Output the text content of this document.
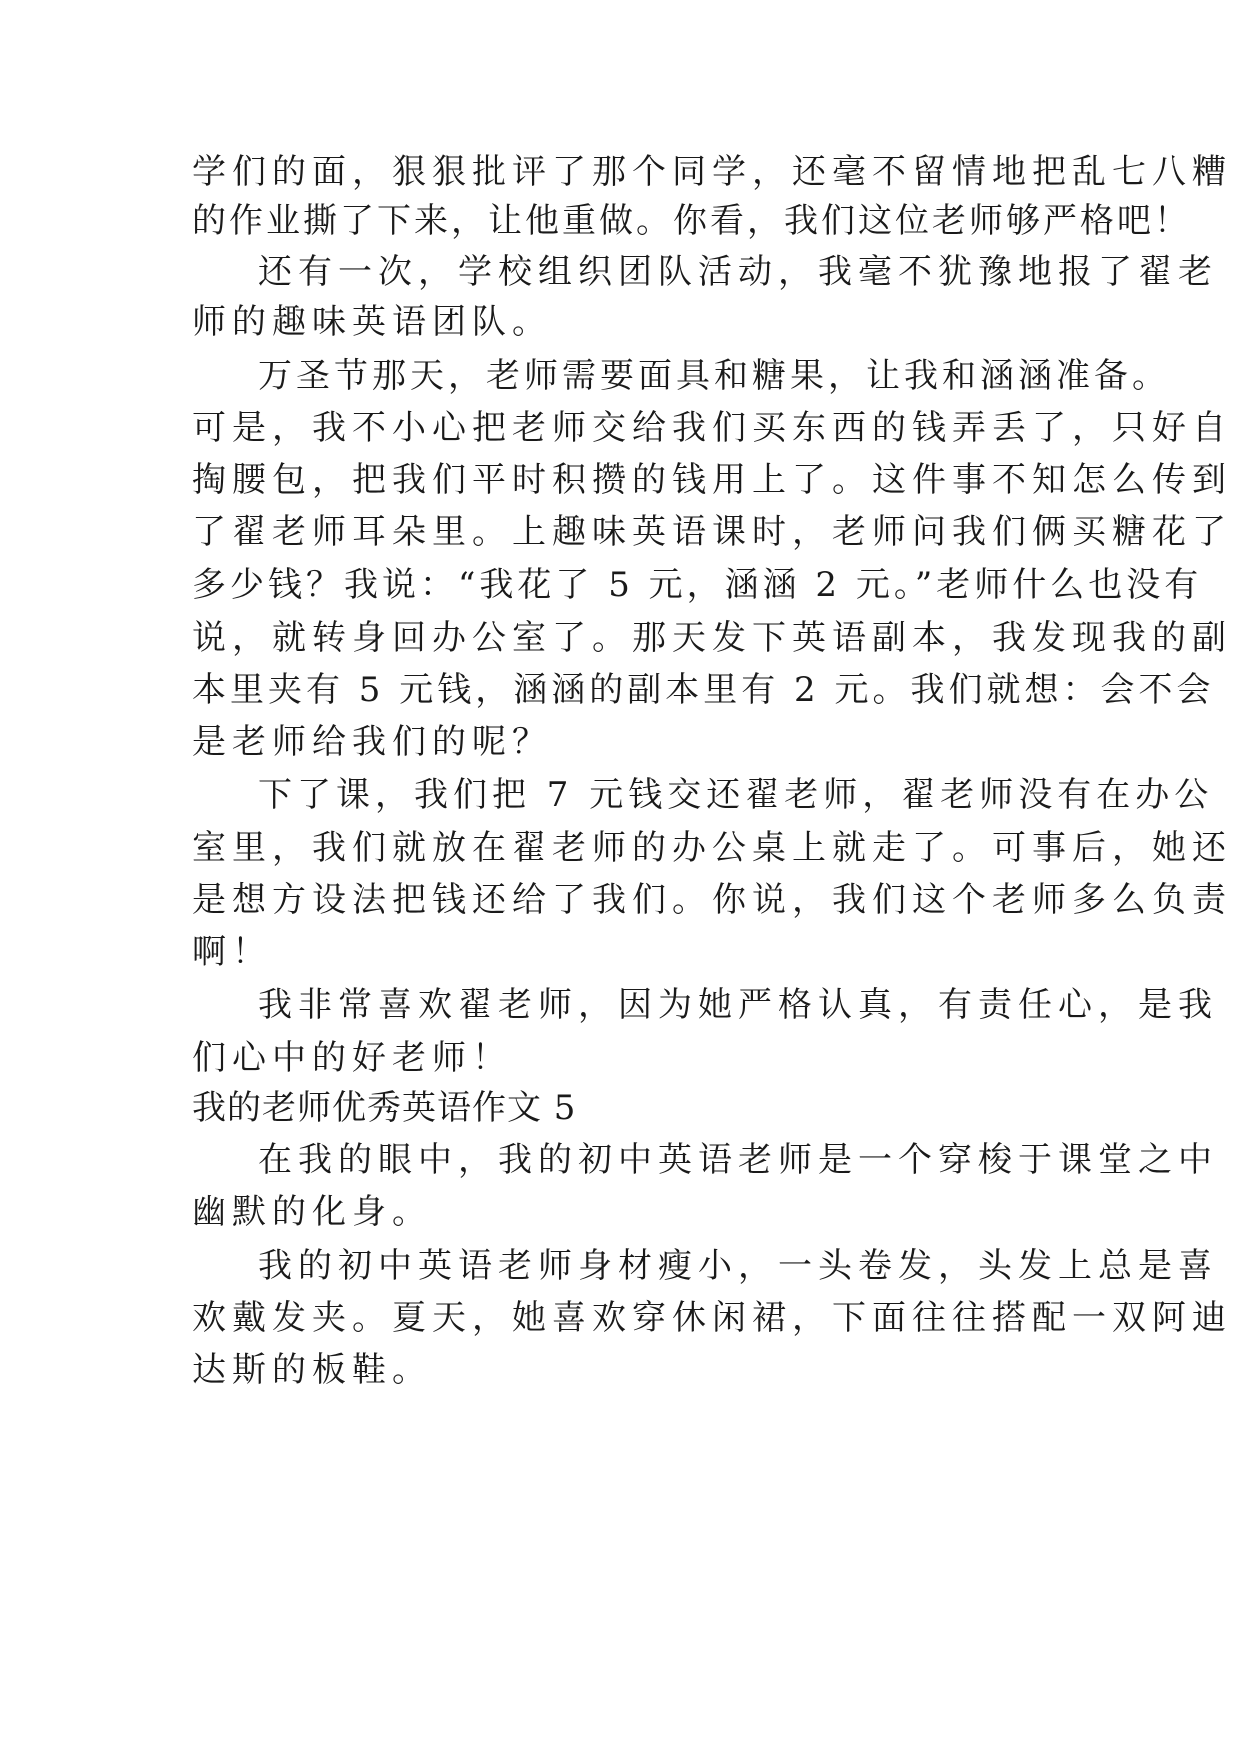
学们的面，狠狠批评了那个同学，还毫不留情地把乱七八糟
的作业撕了下来，让他重做。你看，我们这位老师够严格吧！
还有一次，学校组织团队活动，我毫不犹豫地报了翟老
师的趣味英语团队。
万圣节那天，老师需要面具和糖果，让我和涵涵准备。
可是，我不小心把老师交给我们买东西的钱弄丢了，只好自
掏腰包，把我们平时积攒的钱用上了。这件事不知怎么传到
了翟老师耳朵里。上趣味英语课时，老师问我们俩买糖花了
多少钱？我说：“我花了 5 元，涵涵 2 元。”老师什么也没有
说，就转身回办公室了。那天发下英语副本，我发现我的副
本里夹有 5 元钱，涵涵的副本里有 2 元。我们就想：会不会
是老师给我们的呢？
下了课，我们把 7 元钱交还翟老师，翟老师没有在办公
室里，我们就放在翟老师的办公桌上就走了。可事后，她还
是想方设法把钱还给了我们。你说，我们这个老师多么负责
啊！
我非常喜欢翟老师，因为她严格认真，有责任心，是我
们心中的好老师！
我的老师优秀英语作文 5
在我的眼中，我的初中英语老师是一个穿梭于课堂之中
幽默的化身。
我的初中英语老师身材瘦小，一头卷发，头发上总是喜
欢戴发夹。夏天，她喜欢穿休闲裙，下面往往搭配一双阿迪
达斯的板鞋。
